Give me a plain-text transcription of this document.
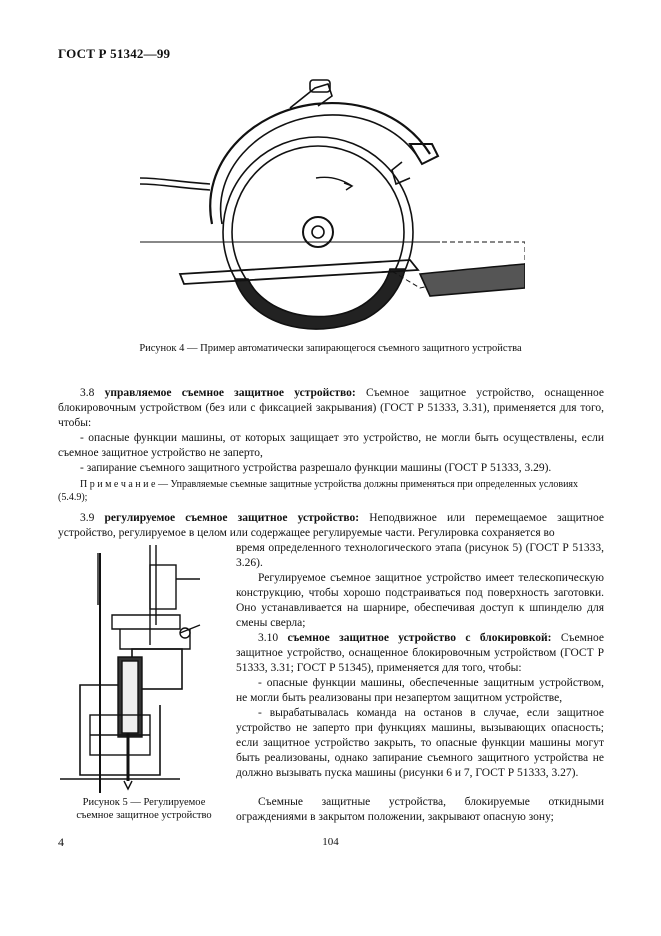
ГОСТ Р 51342—99
Рисунок 4 — Пример автоматически запирающегося съемного защитного устройства
3.8 управляемое съемное защитное устройство: Съемное защитное устройство, оснащенное блокировочным устройством (без или с фиксацией закрывания) (ГОСТ Р 51333, 3.31), применяется для того, чтобы:
- опасные функции машины, от которых защищает это устройство, не могли быть осуществлены, если съемное защитное устройство не заперто,
- запирание съемного защитного устройства разрешало функции машины (ГОСТ Р 51333, 3.29).
П р и м е ч а н и е — Управляемые съемные защитные устройства должны применяться при определенных условиях (5.4.9);
3.9 регулируемое съемное защитное устройство: Неподвижное или перемещаемое защитное устройство, регулируемое в целом или содержащее регулируемые части. Регулировка сохраняется во
время определенного технологического этапа (рисунок 5) (ГОСТ Р 51333, 3.26).
Регулируемое съемное защитное устройство имеет телескопическую конструкцию, чтобы хорошо подстраиваться под поверхность заготовки. Оно устанавливается на шарнире, обеспечивая доступ к шпинделю для смены сверла;
3.10 съемное защитное устройство с блокировкой: Съемное защитное устройство, оснащенное блокировочным устройством (ГОСТ Р 51333, 3.31; ГОСТ Р 51345), применяется для того, чтобы:
- опасные функции машины, обеспеченные защитным устройством, не могли быть реализованы при незапертом защитном устройстве,
- вырабатывалась команда на останов в случае, если защитное устройство не заперто при функциях машины, вызывающих опасность; если защитное устройство закрыть, то опасные функции машины могут быть реализованы, однако запирание съемного защитного устройства не должно вызывать пуска машины (рисунки 6 и 7, ГОСТ Р 51333, 3.27).
Съемные защитные устройства, блокируемые откидными ограждениями в закрытом положении, закрывают опасную зону;
Рисунок 5 — Регулируемое
съемное защитное устройство
4	104
